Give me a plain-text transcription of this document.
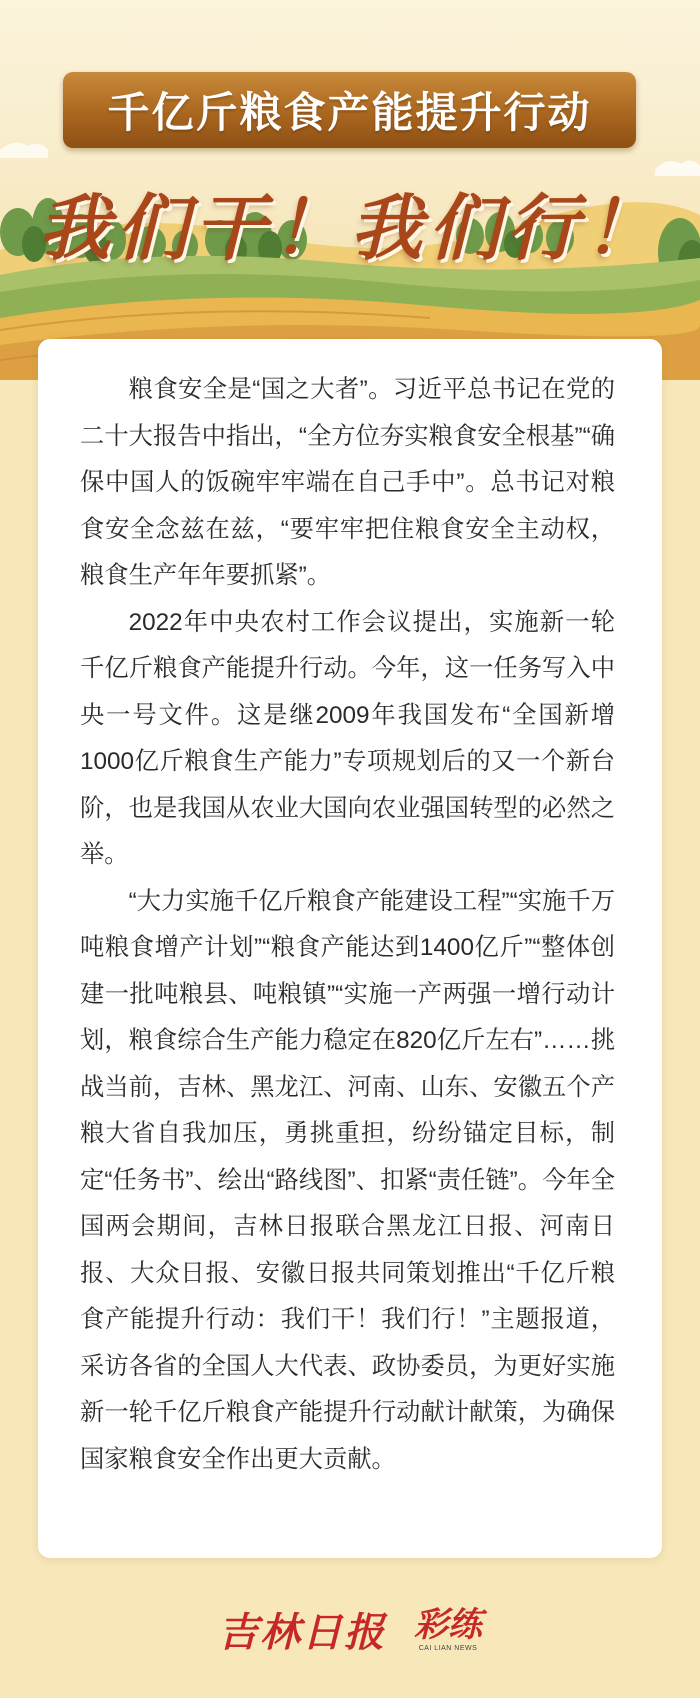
千亿斤粮食产能提升行动
我们干！我们行！

粮食安全是“国之大者”。习近平总书记在党的二十大报告中指出，“全方位夯实粮食安全根基”“确保中国人的饭碗牢牢端在自己手中”。总书记对粮食安全念兹在兹，“要牢牢把住粮食安全主动权，粮食生产年年要抓紧”。

2022年中央农村工作会议提出，实施新一轮千亿斤粮食产能提升行动。今年，这一任务写入中央一号文件。这是继2009年我国发布“全国新增1000亿斤粮食生产能力”专项规划后的又一个新台阶，也是我国从农业大国向农业强国转型的必然之举。

“大力实施千亿斤粮食产能建设工程”“实施千万吨粮食增产计划”“粮食产能达到1400亿斤”“整体创建一批吨粮县、吨粮镇”“实施一产两强一增行动计划，粮食综合生产能力稳定在820亿斤左右”……挑战当前，吉林、黑龙江、河南、山东、安徽五个产粮大省自我加压，勇挑重担，纷纷锚定目标，制定“任务书”、绘出“路线图”、扣紧“责任链”。今年全国两会期间，吉林日报联合黑龙江日报、河南日报、大众日报、安徽日报共同策划推出“千亿斤粮食产能提升行动：我们干！我们行！”主题报道，采访各省的全国人大代表、政协委员，为更好实施新一轮千亿斤粮食产能提升行动献计献策，为确保国家粮食安全作出更大贡献。

吉林日报 彩练
CAI LIAN NEWS
